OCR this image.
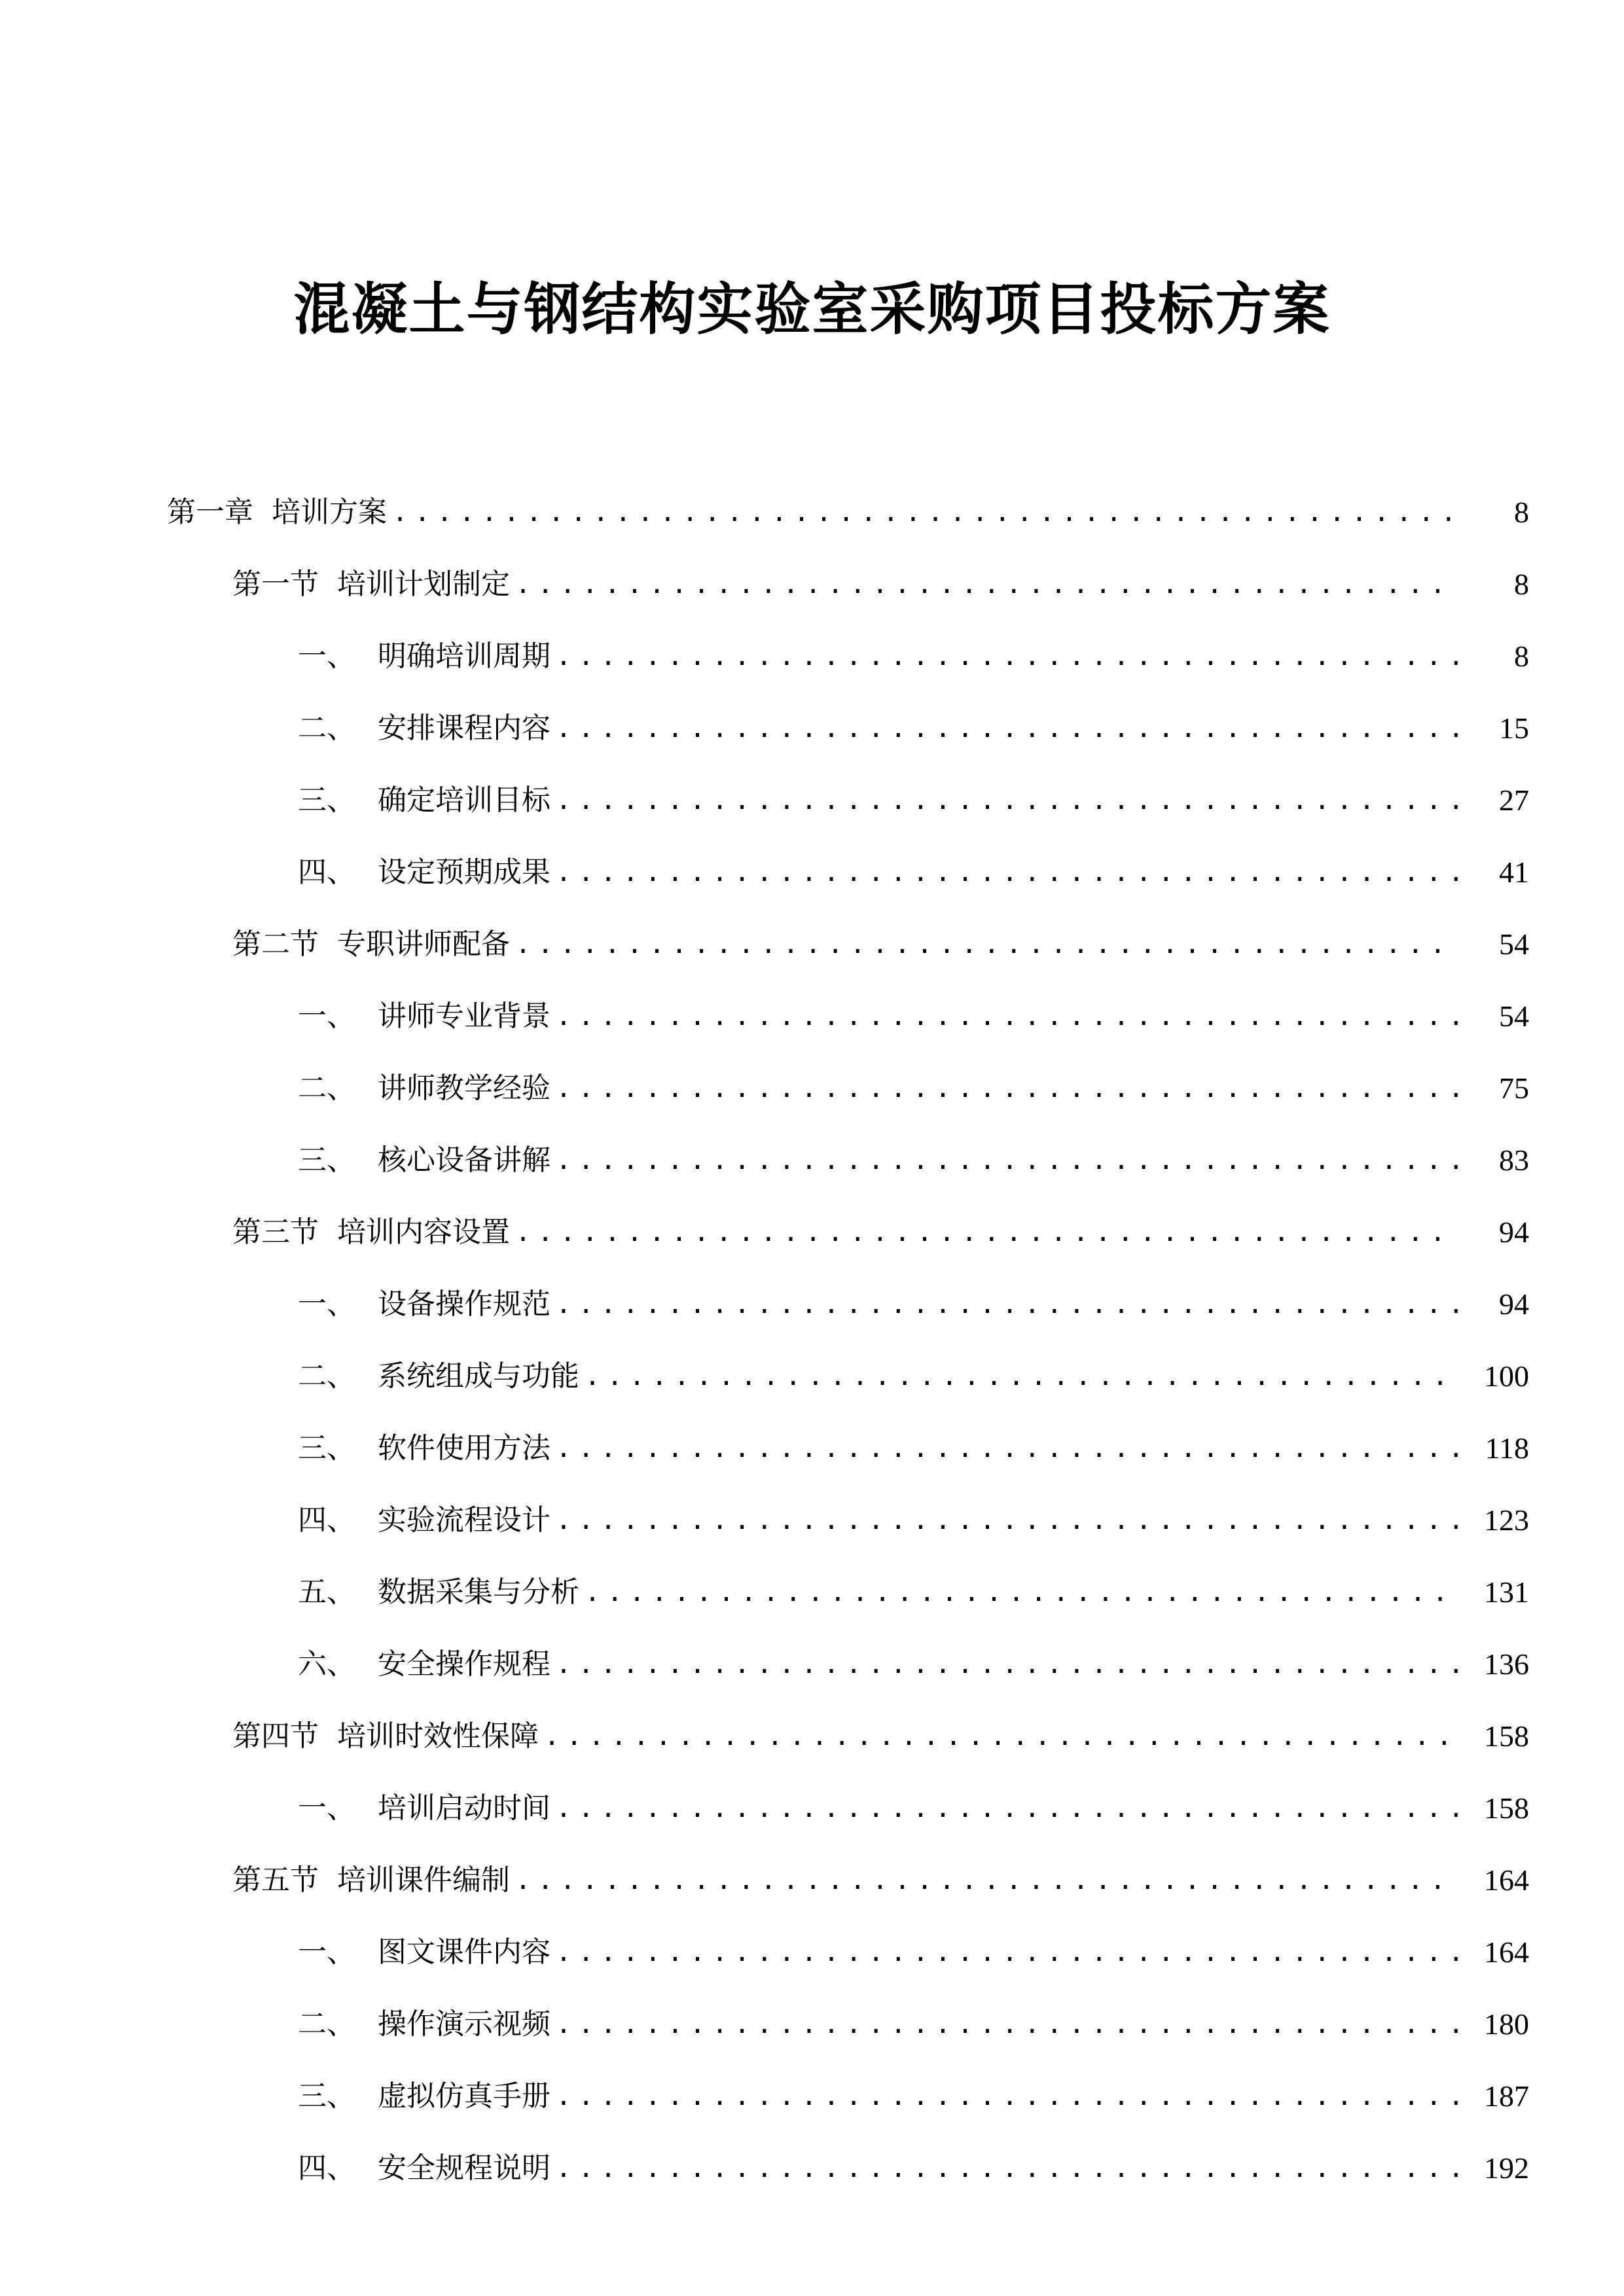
混凝土与钢结构实验室采购项目投标方案
第一章 培训方案 .....	8
第一节 培训计划制定 .....	8
一、 明确培训周期 .....	8
二、 安排课程内容 .....	15
三、 确定培训目标 .....	27
四、 设定预期成果 .....	41
第二节 专职讲师配备 .....	54
一、 讲师专业背景 .....	54
二、 讲师教学经验 .....	75
三、 核心设备讲解 .....	83
第三节 培训内容设置 .....	94
一、 设备操作规范 .....	94
二、 系统组成与功能 .....	100
三、 软件使用方法 .....	118
四、 实验流程设计 .....	123
五、 数据采集与分析 .....	131
六、 安全操作规程 .....	136
第四节 培训时效性保障 .....	158
一、 培训启动时间 .....	158
第五节 培训课件编制 .....	164
一、 图文课件内容 .....	164
二、 操作演示视频 .....	180
三、 虚拟仿真手册 .....	187
四、 安全规程说明 .....	192
